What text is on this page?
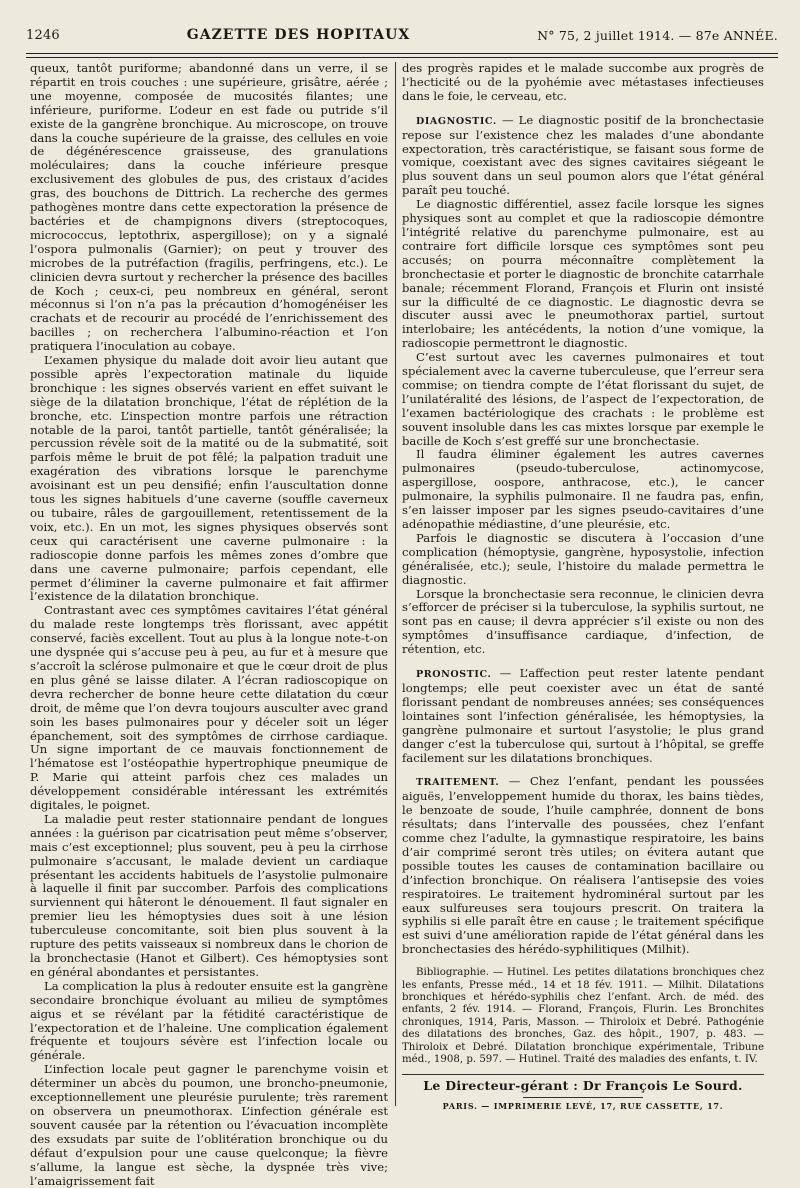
1246	GAZETTE DES HOPITAUX	N° 75, 2 juillet 1914. — 87e ANNÉE.

queux, tantôt puriforme; abandonné dans un verre, il se répartit en trois couches : une supérieure, grisâtre, aérée ; une moyenne, composée de mucosités filantes; une inférieure, puriforme. L’odeur en est fade ou putride s’il existe de la gangrène bronchique. Au microscope, on trouve dans la couche supérieure de la graisse, des cellules en voie de dégénérescence graisseuse, des granulations moléculaires; dans la couche inférieure presque exclusivement des globules de pus, des cristaux d’acides gras, des bouchons de Dittrich. La recherche des germes pathogènes montre dans cette expectoration la présence de bactéries et de champignons divers (streptocoques, micrococcus, leptothrix, aspergillose); on y a signalé l’ospora pulmonalis (Garnier); on peut y trouver des microbes de la putréfaction (fragilis, perfringens, etc.). Le clinicien devra surtout y rechercher la présence des bacilles de Koch ; ceux-ci, peu nombreux en général, seront méconnus si l’on n’a pas la précaution d’homogénéiser les crachats et de recourir au procédé de l’enrichissement des bacilles ; on recherchera l’albumino-réaction et l’on pratiquera l’inoculation au cobaye.

L’examen physique du malade doit avoir lieu autant que possible après l’expectoration matinale du liquide bronchique : les signes observés varient en effet suivant le siège de la dilatation bronchique, l’état de réplétion de la bronche, etc. L’inspection montre parfois une rétraction notable de la paroi, tantôt partielle, tantôt généralisée; la percussion révèle soit de la matité ou de la submatité, soit parfois même le bruit de pot fêlé; la palpation traduit une exagération des vibrations lorsque le parenchyme avoisinant est un peu densifié; enfin l’auscultation donne tous les signes habituels d’une caverne (souffle caverneux ou tubaire, râles de gargouillement, retentissement de la voix, etc.). En un mot, les signes physiques observés sont ceux qui caractérisent une caverne pulmonaire : la radioscopie donne parfois les mêmes zones d’ombre que dans une caverne pulmonaire; parfois cependant, elle permet d’éliminer la caverne pulmonaire et fait affirmer l’existence de la dilatation bronchique.

Contrastant avec ces symptômes cavitaires l’état général du malade reste longtemps très florissant, avec appétit conservé, faciès excellent. Tout au plus à la longue note-t-on une dyspnée qui s’accuse peu à peu, au fur et à mesure que s’accroît la sclérose pulmonaire et que le cœur droit de plus en plus gêné se laisse dilater. A l’écran radioscopique on devra rechercher de bonne heure cette dilatation du cœur droit, de même que l’on devra toujours ausculter avec grand soin les bases pulmonaires pour y déceler soit un léger épanchement, soit des symptômes de cirrhose cardiaque. Un signe important de ce mauvais fonctionnement de l’hématose est l’ostéopathie hypertrophique pneumique de P. Marie qui atteint parfois chez ces malades un développement considérable intéressant les extrémités digitales, le poignet.

La maladie peut rester stationnaire pendant de longues années : la guérison par cicatrisation peut même s’observer, mais c’est exceptionnel; plus souvent, peu à peu la cirrhose pulmonaire s’accusant, le malade devient un cardiaque présentant les accidents habituels de l’asystolie pulmonaire à laquelle il finit par succomber. Parfois des complications surviennent qui hâteront le dénouement. Il faut signaler en premier lieu les hémoptysies dues soit à une lésion tuberculeuse concomitante, soit bien plus souvent à la rupture des petits vaisseaux si nombreux dans le chorion de la bronchectasie (Hanot et Gilbert). Ces hémoptysies sont en général abondantes et persistantes.

La complication la plus à redouter ensuite est la gangrène secondaire bronchique évoluant au milieu de symptômes aigus et se révélant par la fétidité caractéristique de l’expectoration et de l’haleine. Une complication également fréquente et toujours sévère est l’infection locale ou générale.

L’infection locale peut gagner le parenchyme voisin et déterminer un abcès du poumon, une broncho-pneumonie, exceptionnellement une pleurésie purulente; très rarement on observera un pneumothorax. L’infection générale est souvent causée par la rétention ou l’évacuation incomplète des exsudats par suite de l’oblitération bronchique ou du défaut d’expulsion pour une cause quelconque; la fièvre s’allume, la langue est sèche, la dyspnée très vive; l’amaigrissement fait

des progrès rapides et le malade succombe aux progrès de l’hecticité ou de la pyohémie avec métastases infectieuses dans le foie, le cerveau, etc.

DIAGNOSTIC. — Le diagnostic positif de la bronchectasie repose sur l’existence chez les malades d’une abondante expectoration, très caractéristique, se faisant sous forme de vomique, coexistant avec des signes cavitaires siégeant le plus souvent dans un seul poumon alors que l’état général paraît peu touché.

Le diagnostic différentiel, assez facile lorsque les signes physiques sont au complet et que la radioscopie démontre l’intégrité relative du parenchyme pulmonaire, est au contraire fort difficile lorsque ces symptômes sont peu accusés; on pourra méconnaître complètement la bronchectasie et porter le diagnostic de bronchite catarrhale banale; récemment Florand, François et Flurin ont insisté sur la difficulté de ce diagnostic. Le diagnostic devra se discuter aussi avec le pneumothorax partiel, surtout interlobaire; les antécédents, la notion d’une vomique, la radioscopie permettront le diagnostic.

C’est surtout avec les cavernes pulmonaires et tout spécialement avec la caverne tuberculeuse, que l’erreur sera commise; on tiendra compte de l’état florissant du sujet, de l’unilatéralité des lésions, de l’aspect de l’expectoration, de l’examen bactériologique des crachats : le problème est souvent insoluble dans les cas mixtes lorsque par exemple le bacille de Koch s’est greffé sur une bronchectasie.

Il faudra éliminer également les autres cavernes pulmonaires (pseudo-tuberculose, actinomycose, aspergillose, oospore, anthracose, etc.), le cancer pulmonaire, la syphilis pulmonaire. Il ne faudra pas, enfin, s’en laisser imposer par les signes pseudo-cavitaires d’une adénopathie médiastine, d’une pleurésie, etc.

Parfois le diagnostic se discutera à l’occasion d’une complication (hémoptysie, gangrène, hyposystolie, infection généralisée, etc.); seule, l’histoire du malade permettra le diagnostic.

Lorsque la bronchectasie sera reconnue, le clinicien devra s’efforcer de préciser si la tuberculose, la syphilis surtout, ne sont pas en cause; il devra apprécier s’il existe ou non des symptômes d’insuffisance cardiaque, d’infection, de rétention, etc.

PRONOSTIC. — L’affection peut rester latente pendant longtemps; elle peut coexister avec un état de santé florissant pendant de nombreuses années; ses conséquences lointaines sont l’infection généralisée, les hémoptysies, la gangrène pulmonaire et surtout l’asystolie; le plus grand danger c’est la tuberculose qui, surtout à l’hôpital, se greffe facilement sur les dilatations bronchiques.

TRAITEMENT. — Chez l’enfant, pendant les poussées aiguës, l’enveloppement humide du thorax, les bains tièdes, le benzoate de soude, l’huile camphrée, donnent de bons résultats; dans l’intervalle des poussées, chez l’enfant comme chez l’adulte, la gymnastique respiratoire, les bains d’air comprimé seront très utiles; on évitera autant que possible toutes les causes de contamination bacillaire ou d’infection bronchique. On réalisera l’antisepsie des voies respiratoires. Le traitement hydrominéral surtout par les eaux sulfureuses sera toujours prescrit. On traitera la syphilis si elle paraît être en cause ; le traitement spécifique est suivi d’une amélioration rapide de l’état général dans les bronchectasies des hérédo-syphilitiques (Milhit).

Bibliographie. — Hutinel. Les petites dilatations bronchiques chez les enfants, Presse méd., 14 et 18 fév. 1911. — Milhit. Dilatations bronchiques et hérédo-syphilis chez l’enfant. Arch. de méd. des enfants, 2 fév. 1914. — Florand, François, Flurin. Les Bronchites chroniques, 1914, Paris, Masson. — Thiroloix et Debré. Pathogénie des dilatations des bronches, Gaz. des hôpit., 1907, p. 483. — Thiroloix et Debré. Dilatation bronchique expérimentale, Tribune méd., 1908, p. 597. — Hutinel. Traité des maladies des enfants, t. IV.

Le Directeur-gérant : Dr François Le Sourd.
PARIS. — IMPRIMERIE LEVÉ, 17, RUE CASSETTE, 17.
